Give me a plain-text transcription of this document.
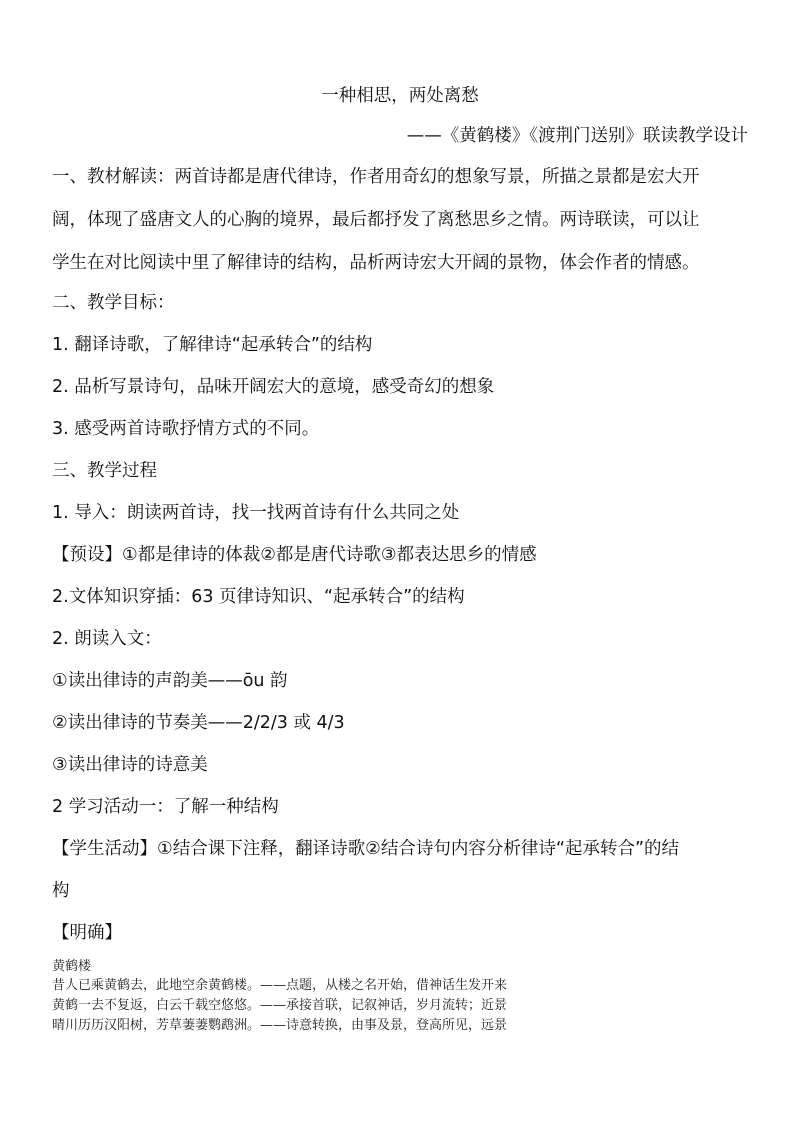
一种相思，两处离愁
——《黄鹤楼》《渡荆门送别》联读教学设计
一、教材解读：两首诗都是唐代律诗，作者用奇幻的想象写景，所描之景都是宏大开
阔，体现了盛唐文人的心胸的境界，最后都抒发了离愁思乡之情。两诗联读，可以让
学生在对比阅读中里了解律诗的结构，品析两诗宏大开阔的景物，体会作者的情感。
二、教学目标：
1. 翻译诗歌，了解律诗“起承转合”的结构
2. 品析写景诗句，品味开阔宏大的意境，感受奇幻的想象
3. 感受两首诗歌抒情方式的不同。
三、教学过程
1. 导入：朗读两首诗，找一找两首诗有什么共同之处
【预设】①都是律诗的体裁②都是唐代诗歌③都表达思乡的情感
2.文体知识穿插：63 页律诗知识、“起承转合”的结构
2. 朗读入文：
①读出律诗的声韵美——ōu 韵
②读出律诗的节奏美——2/2/3 或 4/3
③读出律诗的诗意美
2 学习活动一：了解一种结构
【学生活动】①结合课下注释，翻译诗歌②结合诗句内容分析律诗“起承转合”的结
构
【明确】
黄鹤楼
昔人已乘黄鹤去，此地空余黄鹤楼。——点题，从楼之名开始，借神话生发开来
黄鹤一去不复返，白云千载空悠悠。——承接首联，记叙神话，岁月流转；近景
晴川历历汉阳树，芳草萋萋鹦鹉洲。——诗意转换，由事及景，登高所见，远景
